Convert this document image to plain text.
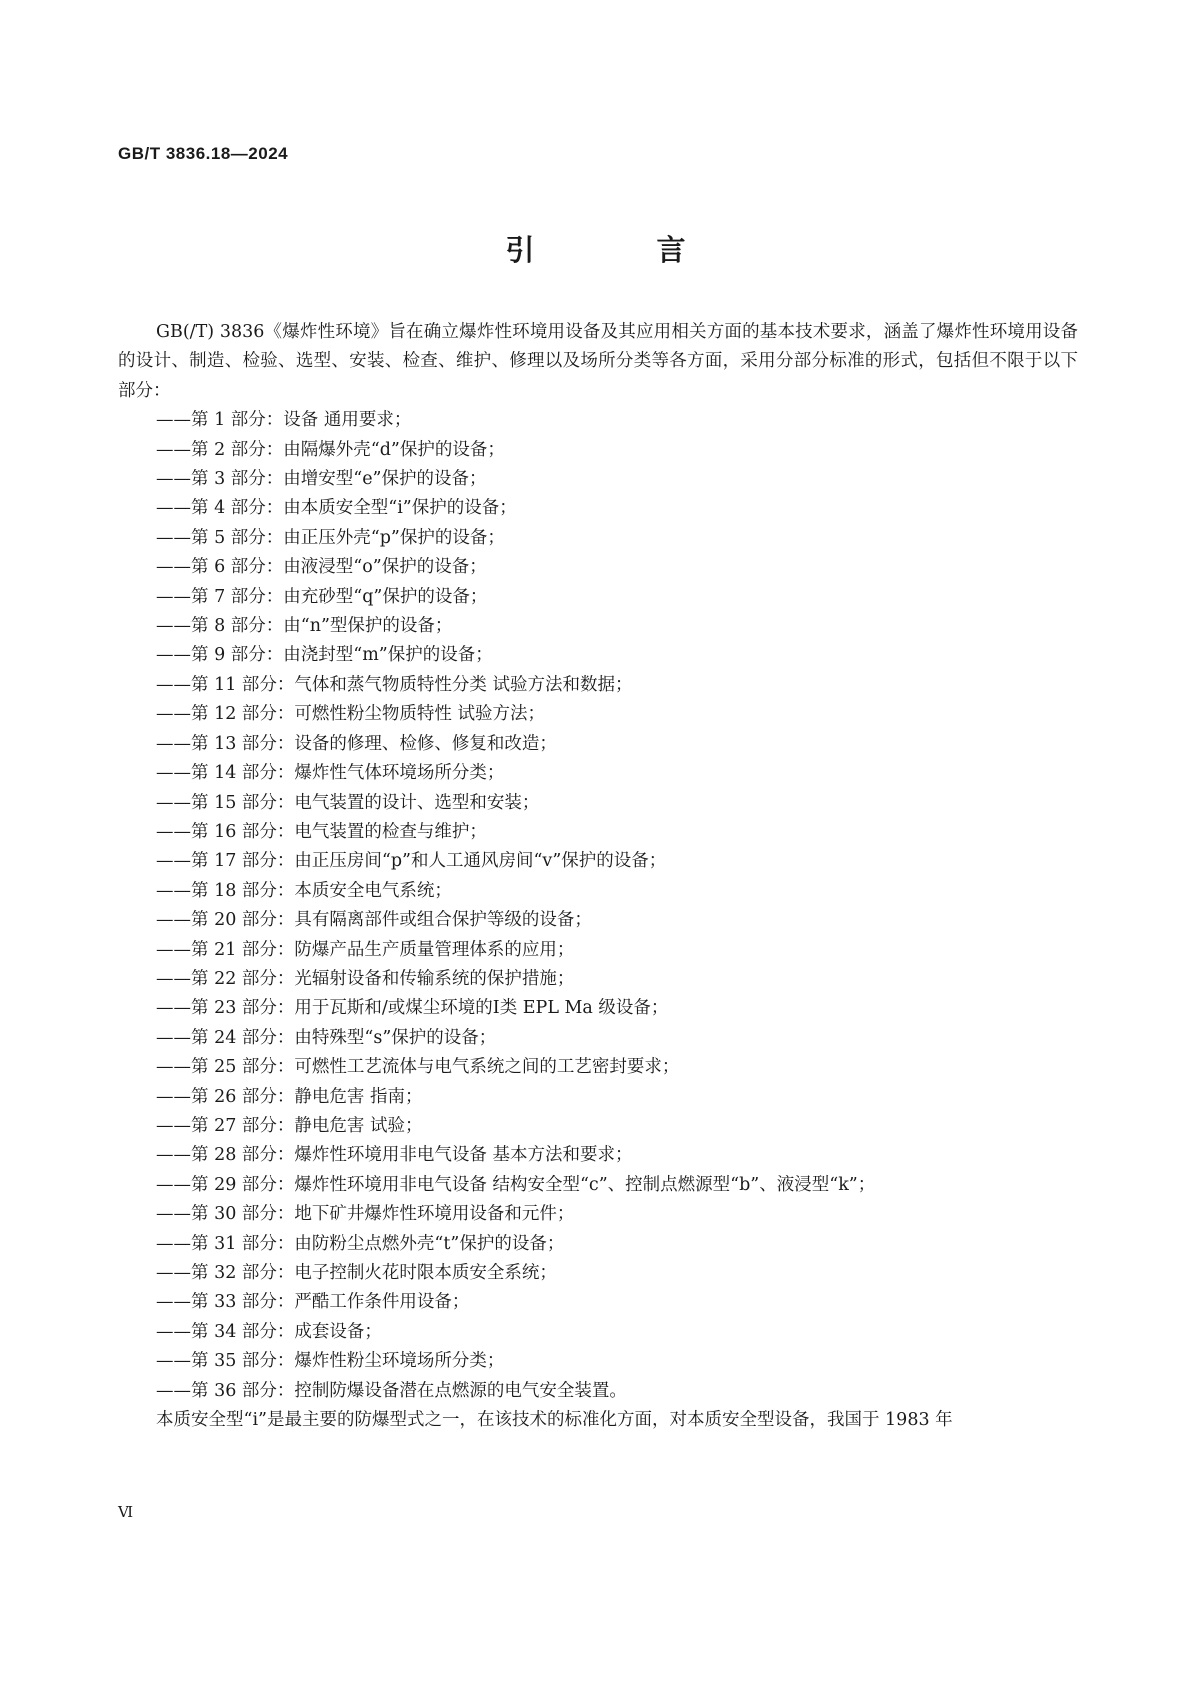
GB/T 3836.18—2024
引 言

GB(/T) 3836《爆炸性环境》旨在确立爆炸性环境用设备及其应用相关方面的基本技术要求，涵盖了爆炸性环境用设备的设计、制造、检验、选型、安装、检查、维护、修理以及场所分类等各方面，采用分部分标准的形式，包括但不限于以下部分：

——第 1 部分：设备 通用要求；
——第 2 部分：由隔爆外壳“d”保护的设备；
——第 3 部分：由增安型“e”保护的设备；
——第 4 部分：由本质安全型“i”保护的设备；
——第 5 部分：由正压外壳“p”保护的设备；
——第 6 部分：由液浸型“o”保护的设备；
——第 7 部分：由充砂型“q”保护的设备；
——第 8 部分：由“n”型保护的设备；
——第 9 部分：由浇封型“m”保护的设备；
——第 11 部分：气体和蒸气物质特性分类 试验方法和数据；
——第 12 部分：可燃性粉尘物质特性 试验方法；
——第 13 部分：设备的修理、检修、修复和改造；
——第 14 部分：爆炸性气体环境场所分类；
——第 15 部分：电气装置的设计、选型和安装；
——第 16 部分：电气装置的检查与维护；
——第 17 部分：由正压房间“p”和人工通风房间“v”保护的设备；
——第 18 部分：本质安全电气系统；
——第 20 部分：具有隔离部件或组合保护等级的设备；
——第 21 部分：防爆产品生产质量管理体系的应用；
——第 22 部分：光辐射设备和传输系统的保护措施；
——第 23 部分：用于瓦斯和/或煤尘环境的Ⅰ类 EPL Ma 级设备；
——第 24 部分：由特殊型“s”保护的设备；
——第 25 部分：可燃性工艺流体与电气系统之间的工艺密封要求；
——第 26 部分：静电危害 指南；
——第 27 部分：静电危害 试验；
——第 28 部分：爆炸性环境用非电气设备 基本方法和要求；
——第 29 部分：爆炸性环境用非电气设备 结构安全型“c”、控制点燃源型“b”、液浸型“k”；
——第 30 部分：地下矿井爆炸性环境用设备和元件；
——第 31 部分：由防粉尘点燃外壳“t”保护的设备；
——第 32 部分：电子控制火花时限本质安全系统；
——第 33 部分：严酷工作条件用设备；
——第 34 部分：成套设备；
——第 35 部分：爆炸性粉尘环境场所分类；
——第 36 部分：控制防爆设备潜在点燃源的电气安全装置。

本质安全型“i”是最主要的防爆型式之一，在该技术的标准化方面，对本质安全型设备，我国于 1983 年

Ⅵ
